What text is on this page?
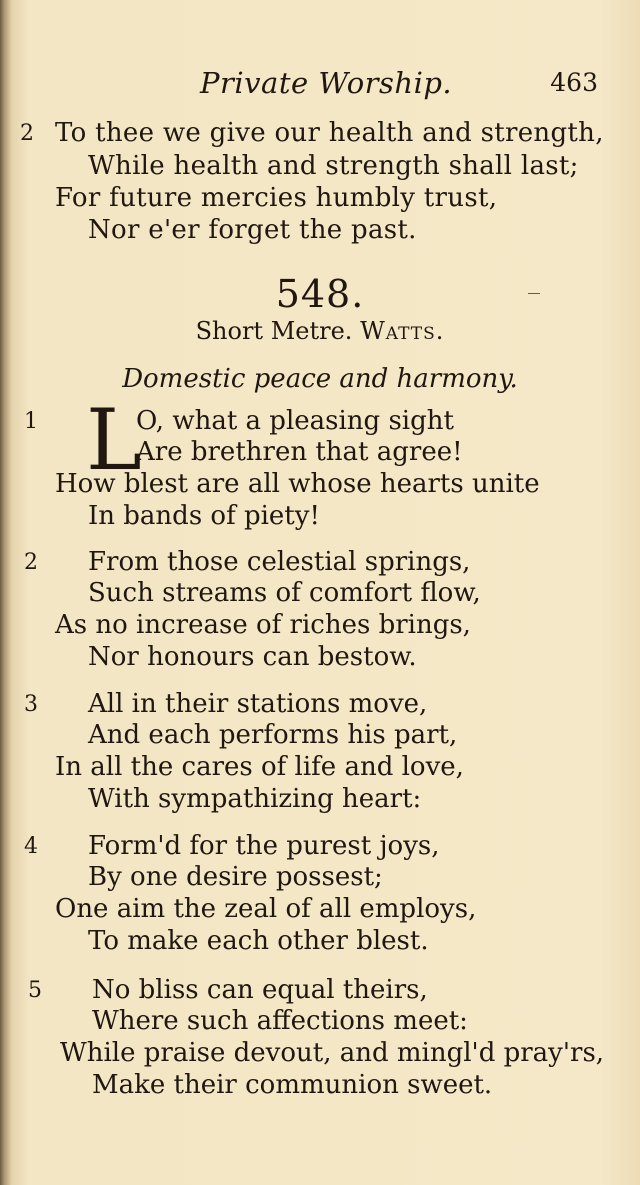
Private Worship.	463
2 To thee we give our health and strength,
While health and strength shall last;
For future mercies humbly trust,
Nor e'er forget the past.
548.
Short Metre. Watts.
Domestic peace and harmony.
1 L
O, what a pleasing sight
Are brethren that agree!
How blest are all whose hearts unite
In bands of piety!
2 From those celestial springs,
Such streams of comfort flow,
As no increase of riches brings,
Nor honours can bestow.
3 All in their stations move,
And each performs his part,
In all the cares of life and love,
With sympathizing heart:
4 Form'd for the purest joys,
By one desire possest;
One aim the zeal of all employs,
To make each other blest.
5 No bliss can equal theirs,
Where such affections meet:
While praise devout, and mingl'd pray'rs,
Make their communion sweet.
